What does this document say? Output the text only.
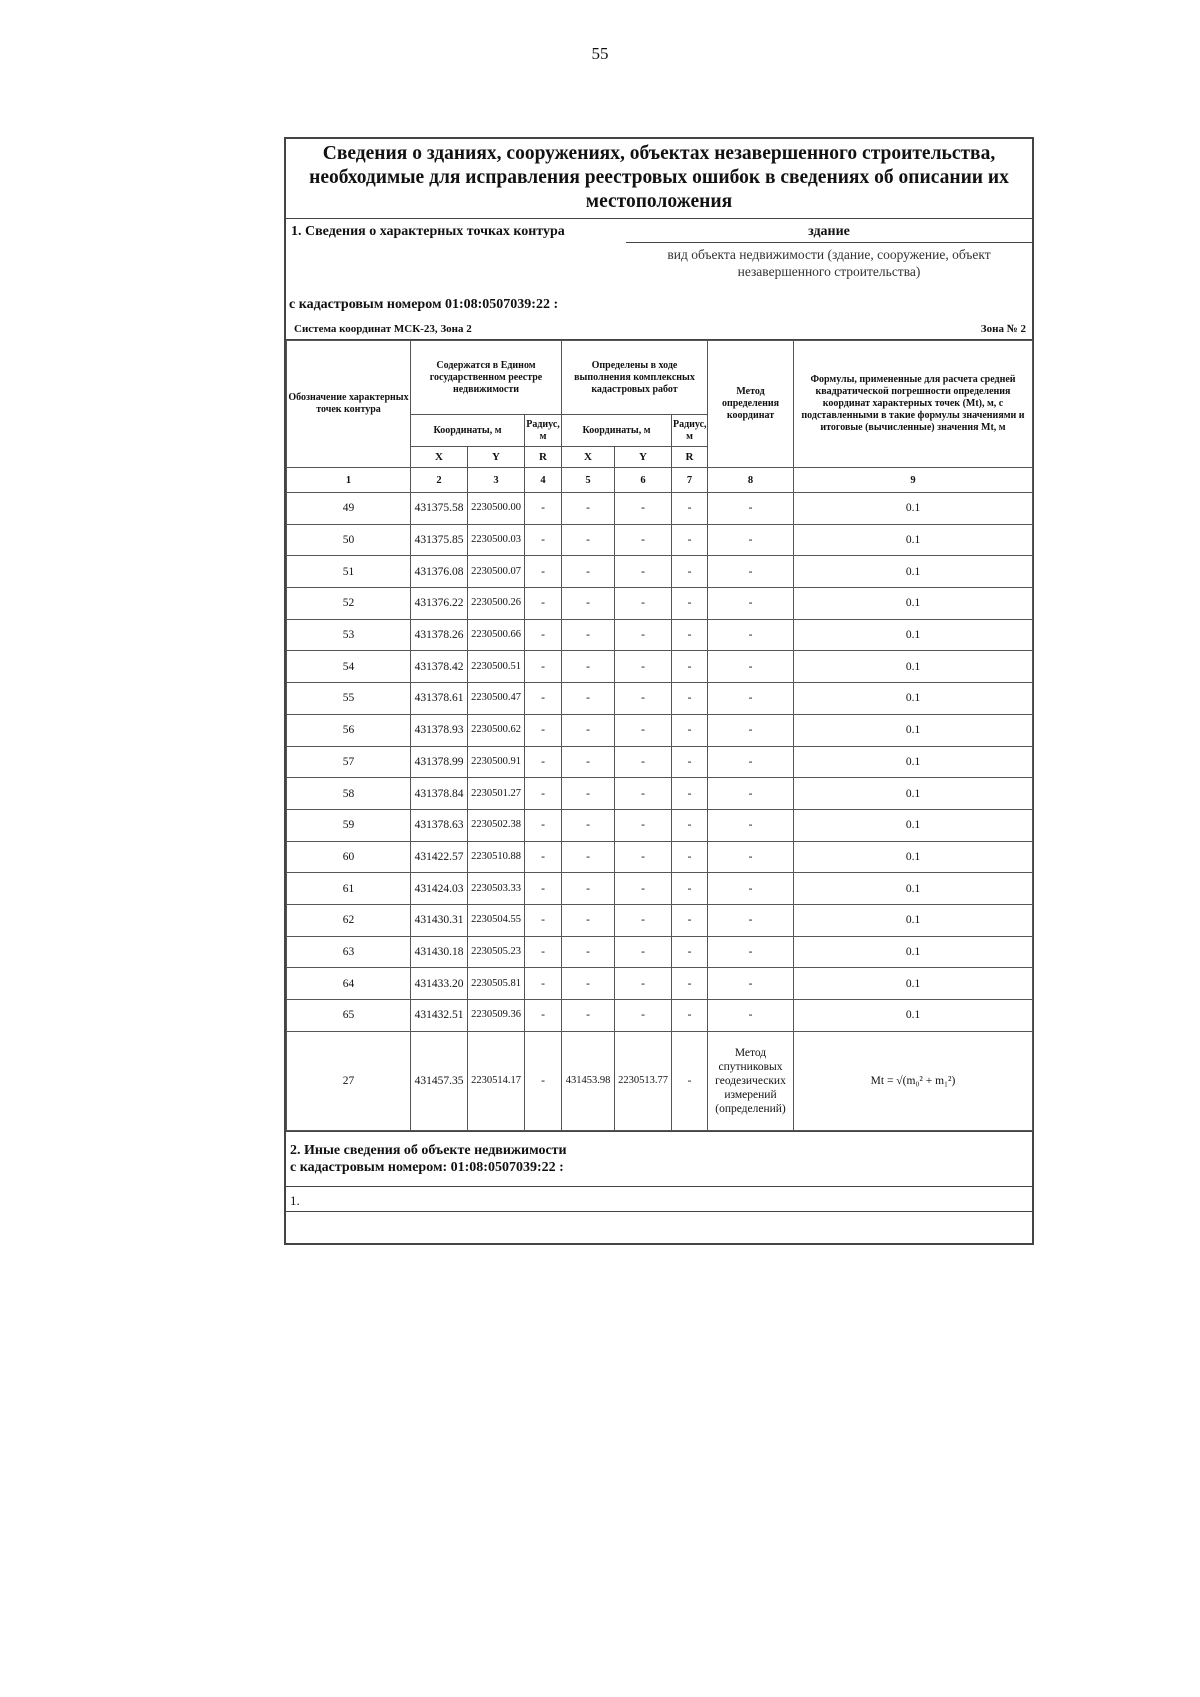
55
Сведения о зданиях, сооружениях, объектах незавершенного строительства, необходимые для исправления реестровых ошибок в сведениях об описании их местоположения
1. Сведения о характерных точках контура	здание
вид объекта недвижимости (здание, сооружение, объект незавершенного строительства)
с кадастровым номером 01:08:0507039:22 :
Система координат МСК-23, Зона 2	Зона № 2
Обозначение характерных точек контура	Содержатся в Едином государственном реестре недвижимости			Определены в ходе выполнения комплексных кадастровых работ			Метод определения координат	Формулы, примененные для расчета средней квадратической погрешности определения координат характерных точек (Mt), м, с подставленными в такие формулы значениями и итоговые (вычисленные) значения Mt, м
	Координаты, м		Радиус, м	Координаты, м		Радиус, м		
	X	Y	R	X	Y	R		
1	2	3	4	5	6	7	8	9
49	431375.58	2230500.00	-	-	-	-	-	0.1
50	431375.85	2230500.03	-	-	-	-	-	0.1
51	431376.08	2230500.07	-	-	-	-	-	0.1
52	431376.22	2230500.26	-	-	-	-	-	0.1
53	431378.26	2230500.66	-	-	-	-	-	0.1
54	431378.42	2230500.51	-	-	-	-	-	0.1
55	431378.61	2230500.47	-	-	-	-	-	0.1
56	431378.93	2230500.62	-	-	-	-	-	0.1
57	431378.99	2230500.91	-	-	-	-	-	0.1
58	431378.84	2230501.27	-	-	-	-	-	0.1
59	431378.63	2230502.38	-	-	-	-	-	0.1
60	431422.57	2230510.88	-	-	-	-	-	0.1
61	431424.03	2230503.33	-	-	-	-	-	0.1
62	431430.31	2230504.55	-	-	-	-	-	0.1
63	431430.18	2230505.23	-	-	-	-	-	0.1
64	431433.20	2230505.81	-	-	-	-	-	0.1
65	431432.51	2230509.36	-	-	-	-	-	0.1
27	431457.35	2230514.17	-	431453.98	2230513.77	-	Метод спутниковых геодезических измерений (определений)	Mt = √(m₀² + m₁²)
2. Иные сведения об объекте недвижимости
с кадастровым номером: 01:08:0507039:22 :
1.
